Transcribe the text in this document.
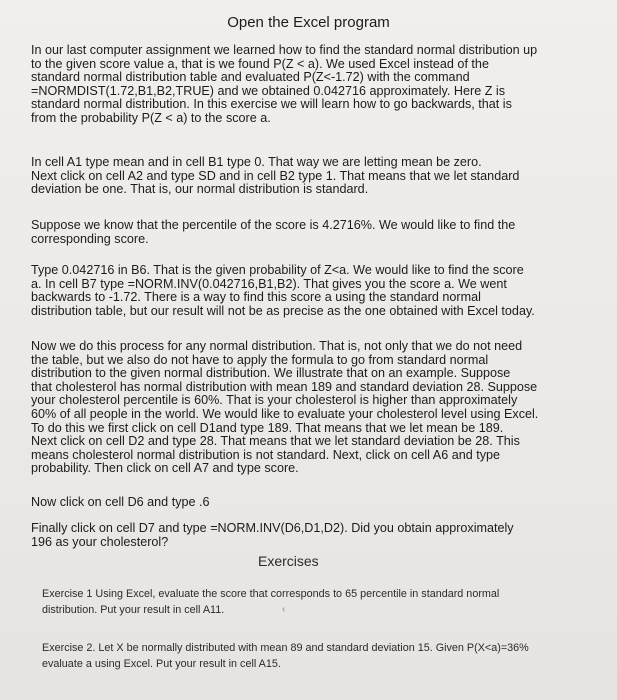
Open the Excel program

In our last computer assignment we learned how to find the standard normal distribution up
to the given score value a, that is we found P(Z < a). We used Excel instead of the
standard normal distribution table and evaluated P(Z<-1.72) with the command
=NORMDIST(1.72,B1,B2,TRUE) and we obtained 0.042716 approximately. Here Z is
standard normal distribution. In this exercise we will learn how to go backwards, that is
from the probability P(Z < a) to the score a.

In cell A1 type mean and in cell B1 type 0. That way we are letting mean be zero.
Next click on cell A2 and type SD and in cell B2 type 1. That means that we let standard
deviation be one. That is, our normal distribution is standard.

Suppose we know that the percentile of the score is 4.2716%. We would like to find the
corresponding score.

Type 0.042716 in B6. That is the given probability of Z<a. We would like to find the score
a. In cell B7 type =NORM.INV(0.042716,B1,B2). That gives you the score a. We went
backwards to -1.72. There is a way to find this score a using the standard normal
distribution table, but our result will not be as precise as the one obtained with Excel today.

Now we do this process for any normal distribution. That is, not only that we do not need
the table, but we also do not have to apply the formula to go from standard normal
distribution to the given normal distribution. We illustrate that on an example. Suppose
that cholesterol has normal distribution with mean 189 and standard deviation 28. Suppose
your cholesterol percentile is 60%. That is your cholesterol is higher than approximately
60% of all people in the world. We would like to evaluate your cholesterol level using Excel.
To do this we first click on cell D1and type 189. That means that we let mean be 189.
Next click on cell D2 and type 28. That means that we let standard deviation be 28. This
means cholesterol normal distribution is not standard. Next, click on cell A6 and type
probability. Then click on cell A7 and type score.

Now click on cell D6 and type .6

Finally click on cell D7 and type =NORM.INV(D6,D1,D2). Did you obtain approximately
196 as your cholesterol?

Exercises

Exercise 1 Using Excel, evaluate the score that corresponds to 65 percentile in standard normal
distribution. Put your result in cell A11.

Exercise 2. Let X be normally distributed with mean 89 and standard deviation 15. Given P(X<a)=36%
evaluate a using Excel. Put your result in cell A15.

‹
